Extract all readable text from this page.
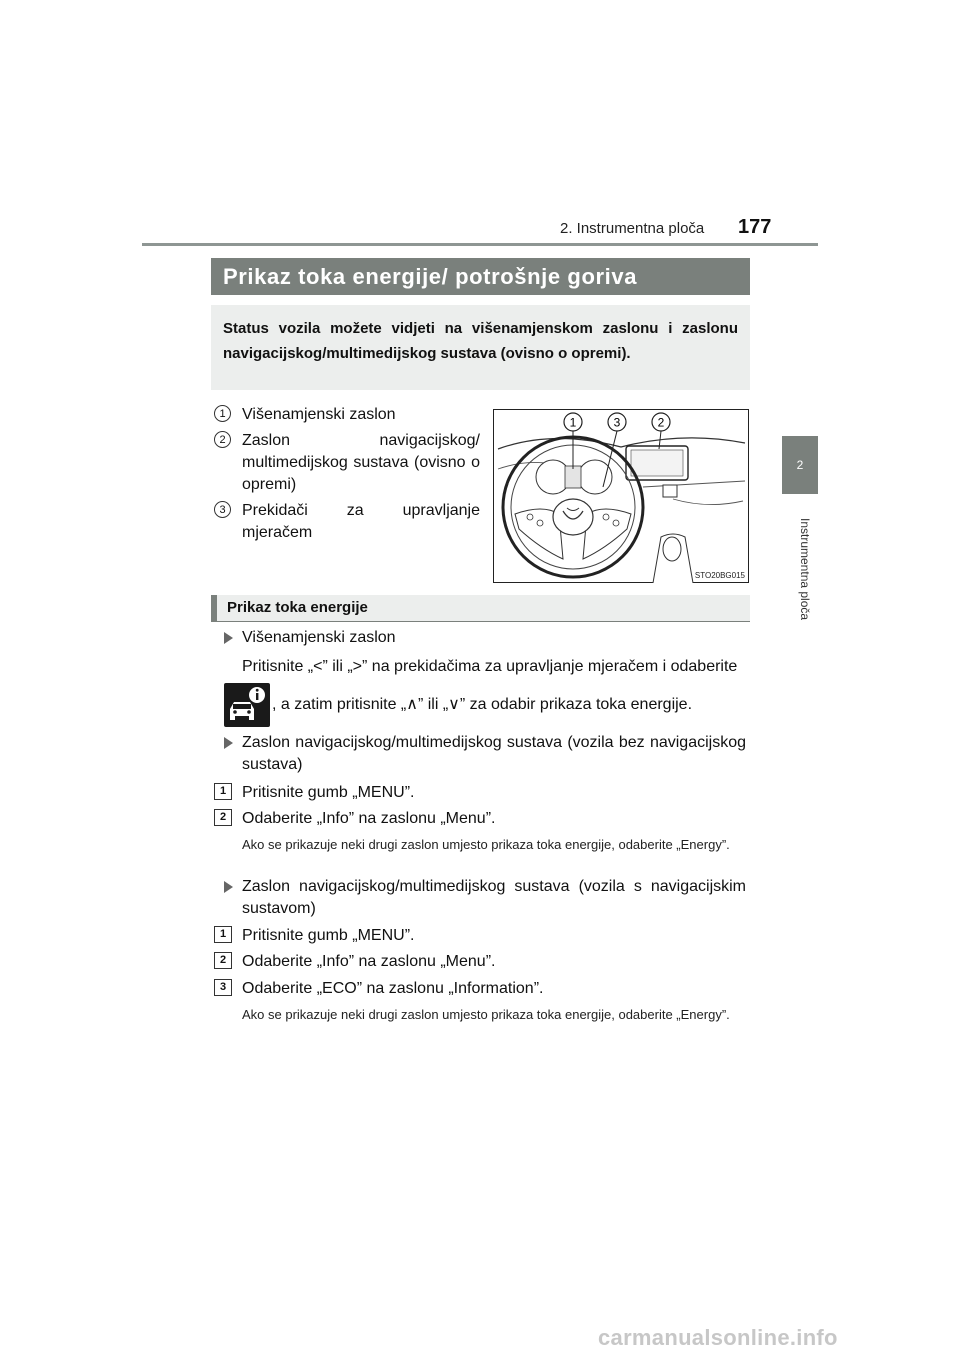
2. Instrumentna ploča 177
2
Instrumentna ploča
Prikaz toka energije/ potrošnje goriva
Status vozila možete vidjeti na višenamjenskom zaslonu i zaslonu navigacijskog/multimedijskog sustava (ovisno o opremi).
1	Višenamjenski zaslon
2	Zaslon navigacijskog/ multimedijskog sustava (ovisno o opremi)
3	Prekidači za upravljanje mjeračem
1	3	2
STO20BG015
Prikaz toka energije
Višenamjenski zaslon
Pritisnite „<” ili „>” na prekidačima za upravljanje mjeračem i odaberite
, a zatim pritisnite „∧” ili „∨” za odabir prikaza toka energije.
Zaslon navigacijskog/multimedijskog sustava (vozila bez navigacijskog sustava)
1 Pritisnite gumb „MENU”.
2 Odaberite „Info” na zaslonu „Menu”.
Ako se prikazuje neki drugi zaslon umjesto prikaza toka energije, odaberite „Energy”.
Zaslon navigacijskog/multimedijskog sustava (vozila s navigacijskim sustavom)
1 Pritisnite gumb „MENU”.
2 Odaberite „Info” na zaslonu „Menu”.
3 Odaberite „ECO” na zaslonu „Information”.
Ako se prikazuje neki drugi zaslon umjesto prikaza toka energije, odaberite „Energy”.
carmanualsonline.info
